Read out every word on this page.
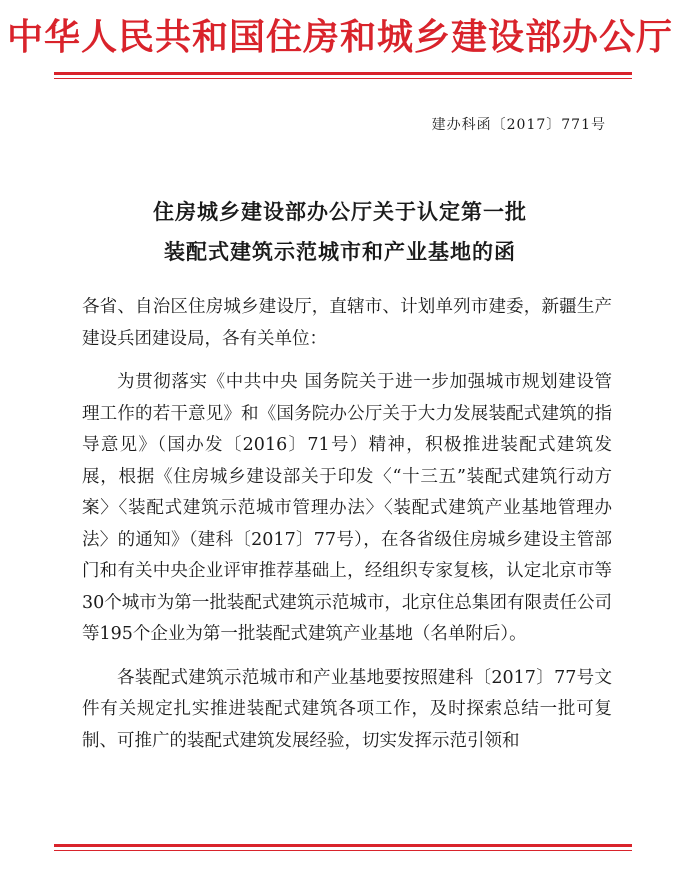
中华人民共和国住房和城乡建设部办公厅
建办科函〔2017〕771号
住房城乡建设部办公厅关于认定第一批
装配式建筑示范城市和产业基地的函

各省、自治区住房城乡建设厅，直辖市、计划单列市建委，新疆生产建设兵团建设局，各有关单位：

为贯彻落实《中共中央 国务院关于进一步加强城市规划建设管理工作的若干意见》和《国务院办公厅关于大力发展装配式建筑的指导意见》（国办发〔2016〕71号）精神，积极推进装配式建筑发展，根据《住房城乡建设部关于印发〈“十三五”装配式建筑行动方案〉〈装配式建筑示范城市管理办法〉〈装配式建筑产业基地管理办法〉的通知》（建科〔2017〕77号），在各省级住房城乡建设主管部门和有关中央企业评审推荐基础上，经组织专家复核，认定北京市等30个城市为第一批装配式建筑示范城市，北京住总集团有限责任公司等195个企业为第一批装配式建筑产业基地（名单附后）。

各装配式建筑示范城市和产业基地要按照建科〔2017〕77号文件有关规定扎实推进装配式建筑各项工作，及时探索总结一批可复制、可推广的装配式建筑发展经验，切实发挥示范引领和
